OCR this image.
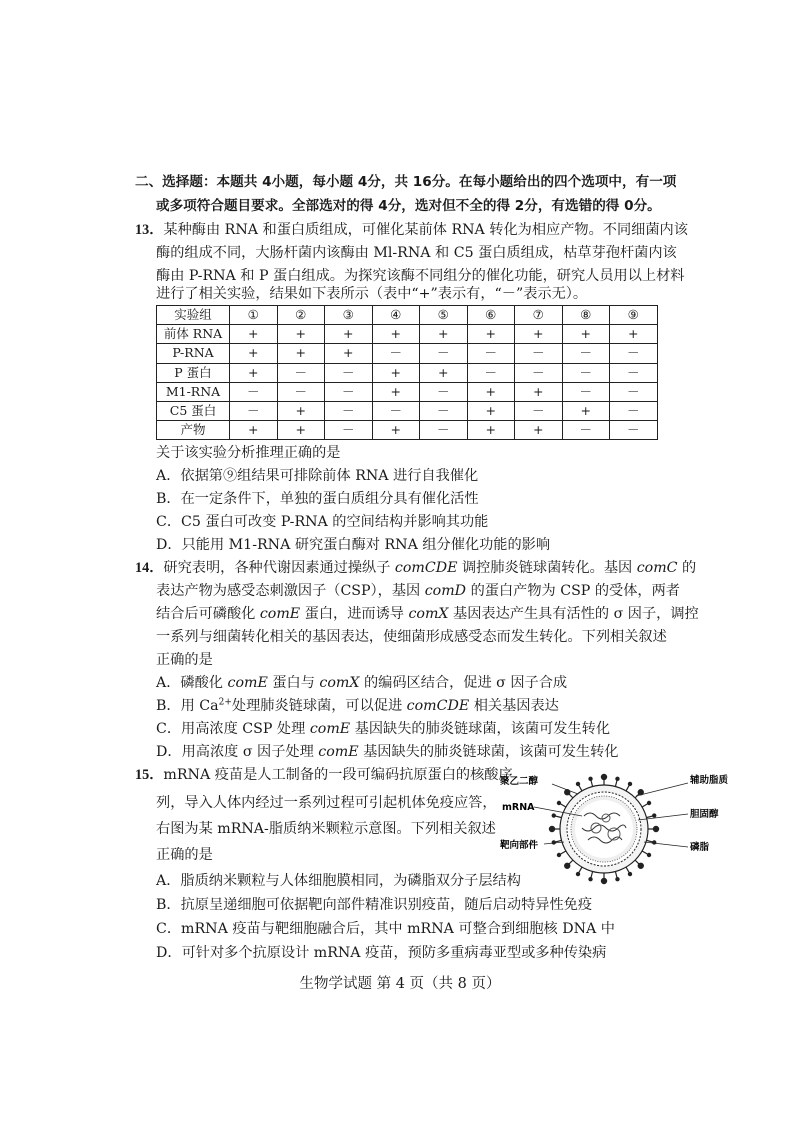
二、选择题：本题共 4小题，每小题 4分，共 16分。在每小题给出的四个选项中，有一项
或多项符合题目要求。全部选对的得 4分，选对但不全的得 2分，有选错的得 0分。
13．某种酶由 RNA 和蛋白质组成，可催化某前体 RNA 转化为相应产物。不同细菌内该
酶的组成不同，大肠杆菌内该酶由 Ml-RNA 和 C5 蛋白质组成，枯草芽孢杆菌内该
酶由 P-RNA 和 P 蛋白组成。为探究该酶不同组分的催化功能，研究人员用以上材料
进行了相关实验，结果如下表所示（表中“+”表示有，“－”表示无）。
实验组	①	②	③	④	⑤	⑥	⑦	⑧	⑨
前体 RNA	+	+	+	+	+	+	+	+	+
P-RNA	+	+	+	－	－	－	－	－	－
P 蛋白	+	－	－	+	+	－	－	－	－
M1-RNA	－	－	－	+	－	+	+	－	－
C5 蛋白	－	+	－	－	－	+	－	+	－
产物	+	+	－	+	－	+	+	－	－
关于该实验分析推理正确的是
A．依据第⑨组结果可排除前体 RNA 进行自我催化
B．在一定条件下，单独的蛋白质组分具有催化活性
C．C5 蛋白可改变 P-RNA 的空间结构并影响其功能
D．只能用 M1-RNA 研究蛋白酶对 RNA 组分催化功能的影响
14．研究表明，各种代谢因素通过操纵子 comCDE 调控肺炎链球菌转化。基因 comC 的
表达产物为感受态刺激因子（CSP），基因 comD 的蛋白产物为 CSP 的受体，两者
结合后可磷酸化 comE 蛋白，进而诱导 comX 基因表达产生具有活性的 σ 因子，调控
一系列与细菌转化相关的基因表达，使细菌形成感受态而发生转化。下列相关叙述
正确的是
A．磷酸化 comE 蛋白与 comX 的编码区结合，促进 σ 因子合成
B．用 $Ca^{2+}$处理肺炎链球菌，可以促进 comCDE 相关基因表达
C．用高浓度 CSP 处理 comE 基因缺失的肺炎链球菌，该菌可发生转化
D．用高浓度 σ 因子处理 comE 基因缺失的肺炎链球菌，该菌可发生转化
15．mRNA 疫苗是人工制备的一段可编码抗原蛋白的核酸序
列，导入人体内经过一系列过程可引起机体免疫应答，
右图为某 mRNA-脂质纳米颗粒示意图。下列相关叙述
正确的是
聚乙二醇
mRNA
靶向部件
辅助脂质
胆固醇
磷脂
A．脂质纳米颗粒与人体细胞膜相同，为磷脂双分子层结构
B．抗原呈递细胞可依据靶向部件精准识别疫苗，随后启动特异性免疫
C．mRNA 疫苗与靶细胞融合后，其中 mRNA 可整合到细胞核 DNA 中
D．可针对多个抗原设计 mRNA 疫苗，预防多重病毒亚型或多种传染病
生物学试题 第 4 页（共 8 页）
